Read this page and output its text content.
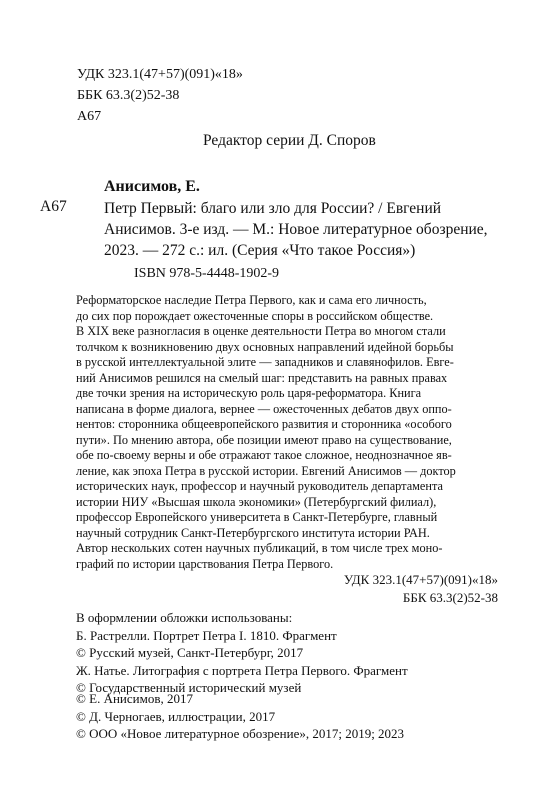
УДК 323.1(47+57)(091)«18»
ББК 63.3(2)52-38
А67
Редактор серии Д. Споров
Анисимов, Е.
А67 Петр Первый: благо или зло для России? / Евгений
Анисимов. 3-е изд. — М.: Новое литературное обозрение,
2023. — 272 с.: ил. (Серия «Что такое Россия»)
ISBN 978-5-4448-1902-9
Реформаторское наследие Петра Первого, как и сама его личность,
до сих пор порождает ожесточенные споры в российском обществе.
В XIX веке разногласия в оценке деятельности Петра во многом стали
толчком к возникновению двух основных направлений идейной борьбы
в русской интеллектуальной элите — западников и славянофилов. Евге-
ний Анисимов решился на смелый шаг: представить на равных правах
две точки зрения на историческую роль царя-реформатора. Книга
написана в форме диалога, вернее — ожесточенных дебатов двух оппо-
нентов: сторонника общеевропейского развития и сторонника «особого
пути». По мнению автора, обе позиции имеют право на существование,
обе по-своему верны и обе отражают такое сложное, неоднозначное яв-
ление, как эпоха Петра в русской истории. Евгений Анисимов — доктор
исторических наук, профессор и научный руководитель департамента
истории НИУ «Высшая школа экономики» (Петербургский филиал),
профессор Европейского университета в Санкт-Петербурге, главный
научный сотрудник Санкт-Петербургского института истории РАН.
Автор нескольких сотен научных публикаций, в том числе трех моно-
графий по истории царствования Петра Первого.
УДК 323.1(47+57)(091)«18»
ББК 63.3(2)52-38
В оформлении обложки использованы:
Б. Растрелли. Портрет Петра I. 1810. Фрагмент
© Русский музей, Санкт-Петербург, 2017
Ж. Натье. Литография с портрета Петра Первого. Фрагмент
© Государственный исторический музей
© Е. Анисимов, 2017
© Д. Черногаев, иллюстрации, 2017
© ООО «Новое литературное обозрение», 2017; 2019; 2023
